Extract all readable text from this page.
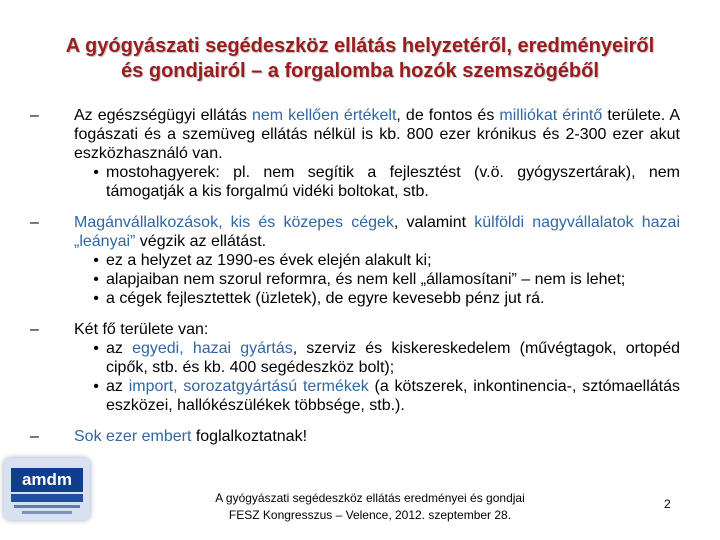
A gyógyászati segédeszköz ellátás helyzetéről, eredményeiről
és gondjairól – a forgalomba hozók szemszögéből
–	Az egészségügyi ellátás nem kellően értékelt, de fontos és milliókat érintő területe. A fogászati és a szemüveg ellátás nélkül is kb. 800 ezer krónikus és 2-300 ezer akut eszközhasználó van.
• mostohagyerek: pl. nem segítik a fejlesztést (v.ö. gyógyszertárak), nem támogatják a kis forgalmú vidéki boltokat, stb.
–	Magánvállalkozások, kis és közepes cégek, valamint külföldi nagyvállalatok hazai „leányai” végzik az ellátást.
• ez a helyzet az 1990-es évek elején alakult ki;
• alapjaiban nem szorul reformra, és nem kell „államosítani” – nem is lehet;
• a cégek fejlesztettek (üzletek), de egyre kevesebb pénz jut rá.
–	Két fő területe van:
• az egyedi, hazai gyártás, szerviz és kiskereskedelem (művégtagok, ortopéd cipők, stb. és kb. 400 segédeszköz bolt);
• az import, sorozatgyártású termékek (a kötszerek, inkontinencia-, sztómaellátás eszközei, hallókészülékek többsége, stb.).
–	Sok ezer embert foglalkoztatnak!
amdm
A gyógyászati segédeszköz ellátás eredményei és gondjai
FESZ Kongresszus – Velence, 2012. szeptember 28.
2
